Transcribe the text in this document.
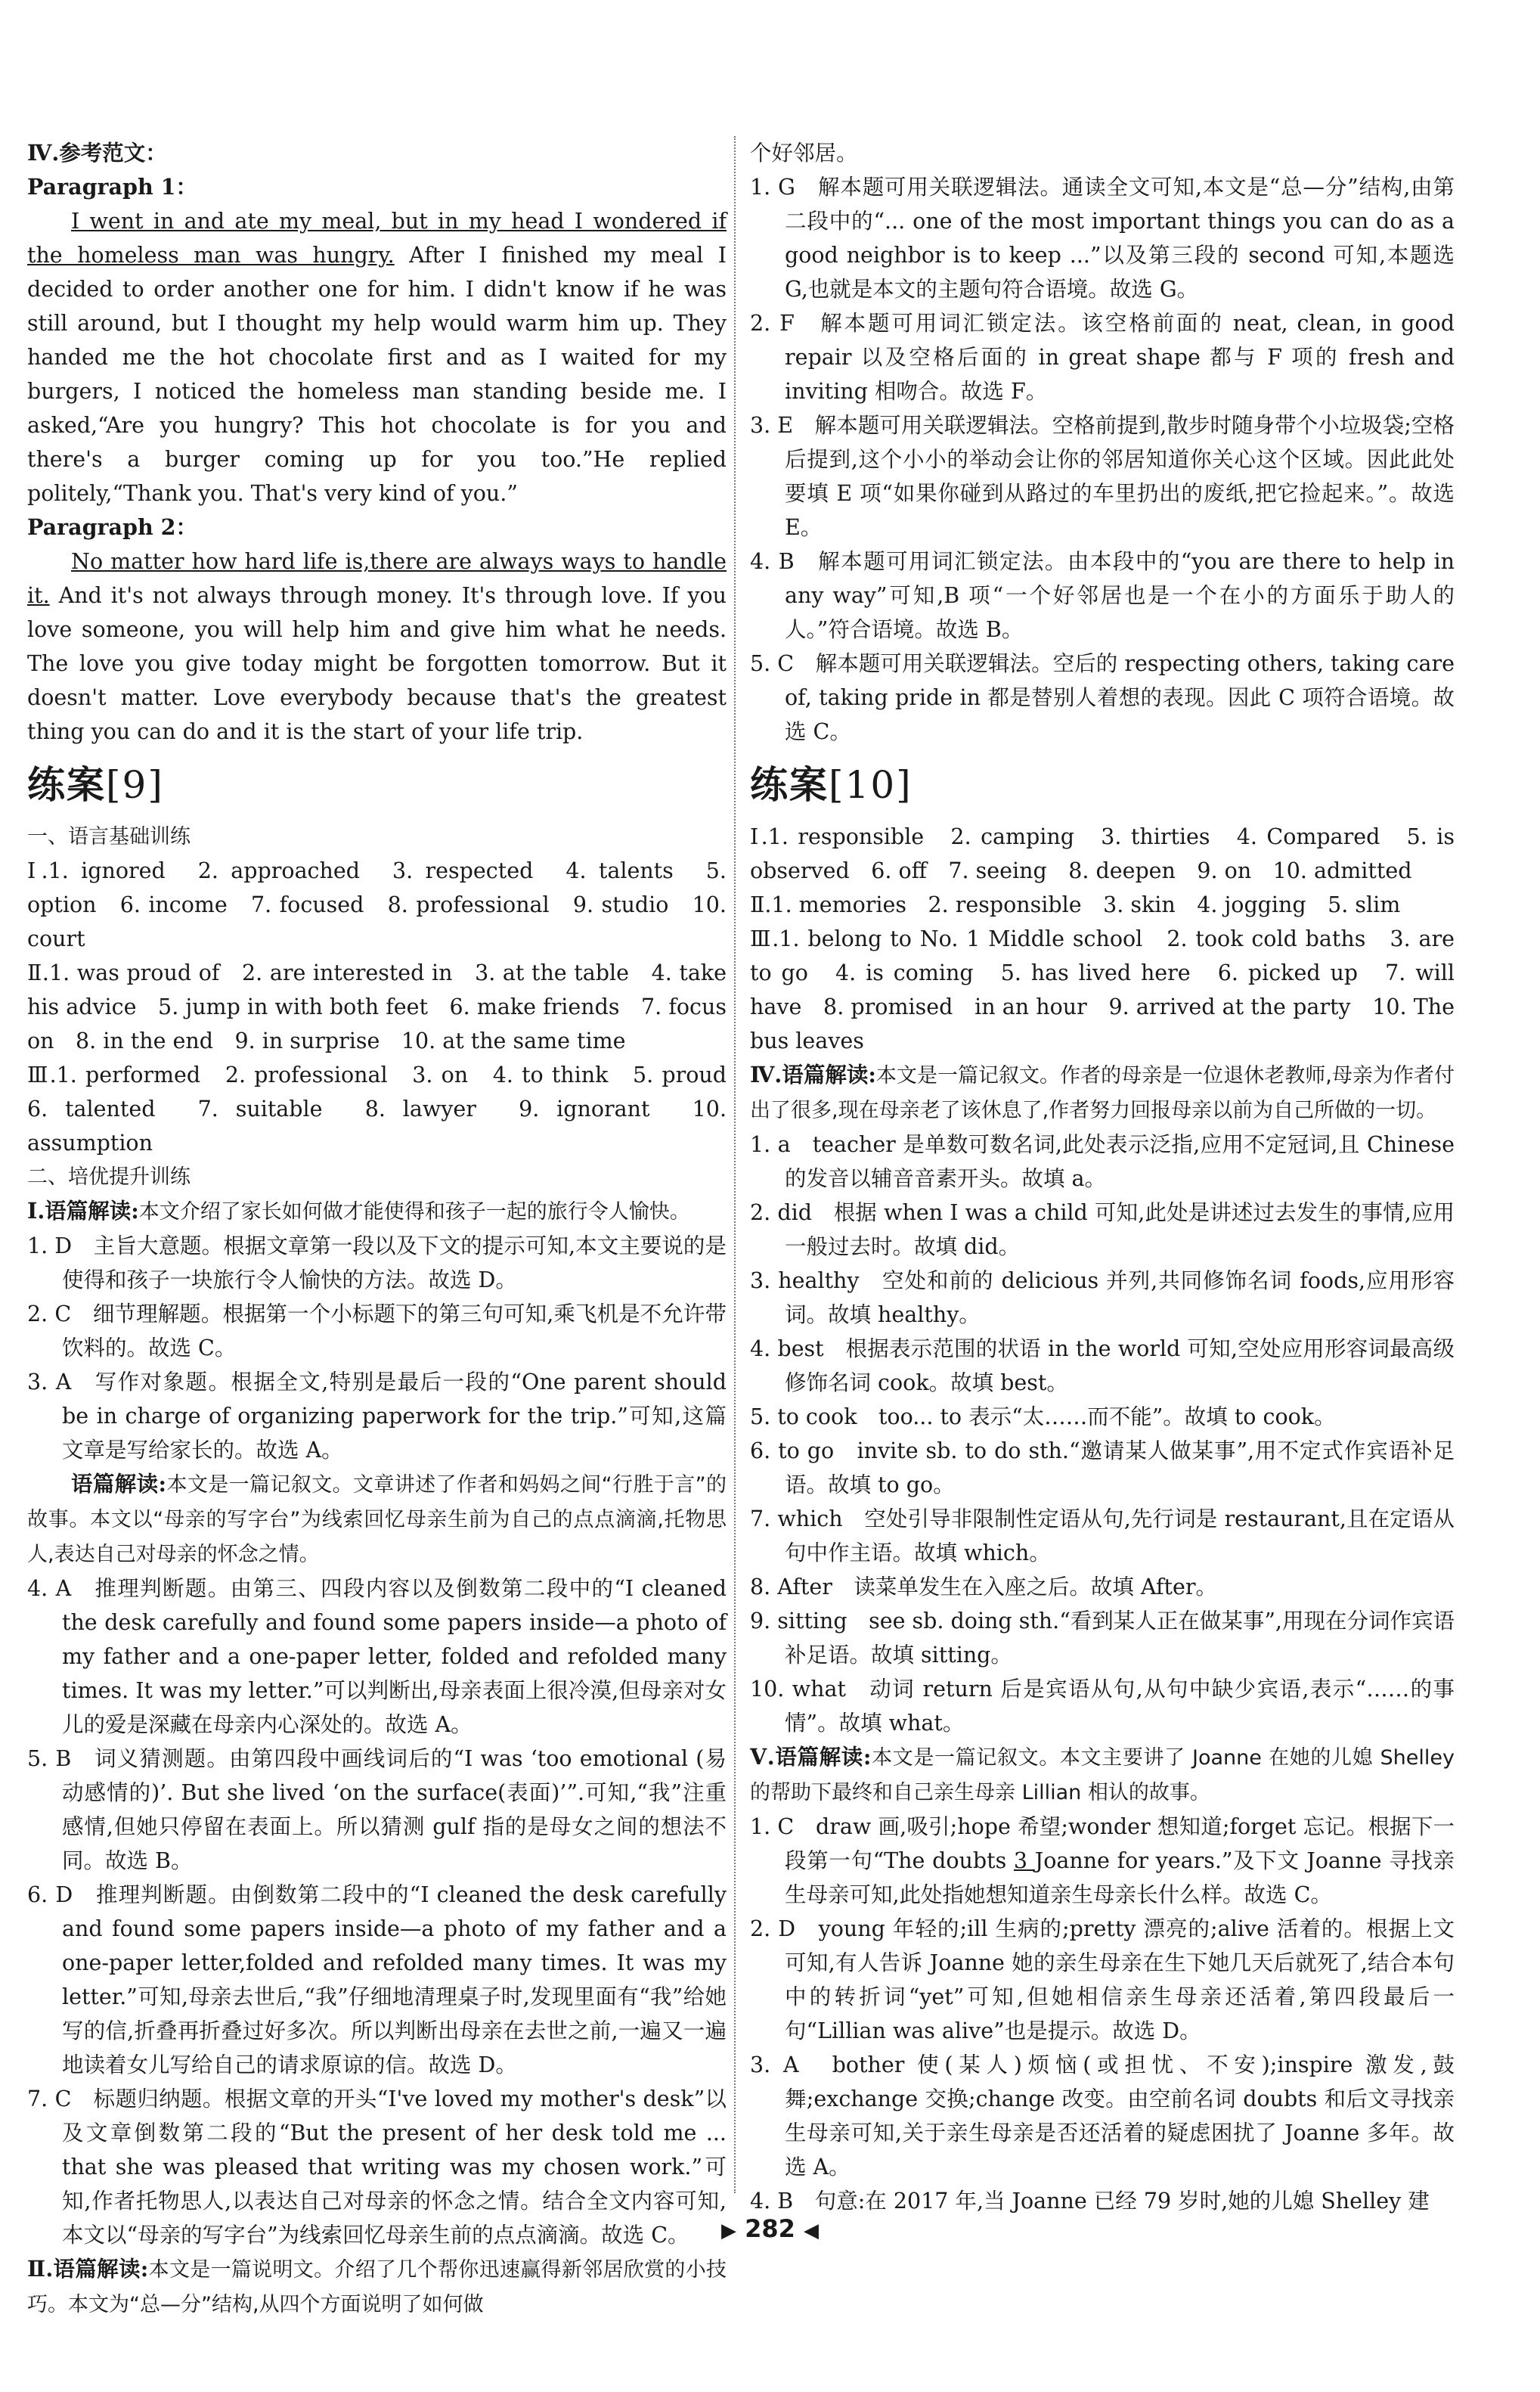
Ⅳ.参考范文：

Paragraph 1：

I went in and ate my meal, but in my head I wondered if the homeless man was hungry. After I finished my meal I decided to order another one for him. I didn't know if he was still around, but I thought my help would warm him up. They handed me the hot chocolate first and as I waited for my burgers, I noticed the homeless man standing beside me. I asked,“Are you hungry? This hot chocolate is for you and there's a burger coming up for you too.”He replied politely,“Thank you. That's very kind of you.”

Paragraph 2：

No matter how hard life is,there are always ways to handle it. And it's not always through money. It's through love. If you love someone, you will help him and give him what he needs. The love you give today might be forgotten tomorrow. But it doesn't matter. Love everybody because that's the greatest thing you can do and it is the start of your life trip.

练案[9]

一、语言基础训练

Ⅰ.1. ignored　2. approached　3. respected　4. talents　5. option　6. income　7. focused　8. professional　9. studio　10. court

Ⅱ.1. was proud of　2. are interested in　3. at the table　4. take his advice　5. jump in with both feet　6. make friends　7. focus on　8. in the end　9. in surprise　10. at the same time

Ⅲ.1. performed　2. professional　3. on　4. to think　5. proud　6. talented　7. suitable　8. lawyer　9. ignorant　10. assumption

二、培优提升训练

Ⅰ.语篇解读:本文介绍了家长如何做才能使得和孩子一起的旅行令人愉快。

1. D　主旨大意题。根据文章第一段以及下文的提示可知,本文主要说的是使得和孩子一块旅行令人愉快的方法。故选 D。

2. C　细节理解题。根据第一个小标题下的第三句可知,乘飞机是不允许带饮料的。故选 C。

3. A　写作对象题。根据全文,特别是最后一段的“One parent should be in charge of organizing paperwork for the trip.”可知,这篇文章是写给家长的。故选 A。

语篇解读:本文是一篇记叙文。文章讲述了作者和妈妈之间“行胜于言”的故事。本文以“母亲的写字台”为线索回忆母亲生前为自己的点点滴滴,托物思人,表达自己对母亲的怀念之情。

4. A　推理判断题。由第三、四段内容以及倒数第二段中的“I cleaned the desk carefully and found some papers inside—a photo of my father and a one-paper letter, folded and refolded many times. It was my letter.”可以判断出,母亲表面上很冷漠,但母亲对女儿的爱是深藏在母亲内心深处的。故选 A。

5. B　词义猜测题。由第四段中画线词后的“I was ‘too emotional (易动感情的)’. But she lived ‘on the surface(表面)’”.可知,“我”注重感情,但她只停留在表面上。所以猜测 gulf 指的是母女之间的想法不同。故选 B。

6. D　推理判断题。由倒数第二段中的“I cleaned the desk carefully and found some papers inside—a photo of my father and a one-paper letter,folded and refolded many times. It was my letter.”可知,母亲去世后,“我”仔细地清理桌子时,发现里面有“我”给她写的信,折叠再折叠过好多次。所以判断出母亲在去世之前,一遍又一遍地读着女儿写给自己的请求原谅的信。故选 D。

7. C　标题归纳题。根据文章的开头“I've loved my mother's desk”以及文章倒数第二段的“But the present of her desk told me ... that she was pleased that writing was my chosen work.”可知,作者托物思人,以表达自己对母亲的怀念之情。结合全文内容可知,本文以“母亲的写字台”为线索回忆母亲生前的点点滴滴。故选 C。

Ⅱ.语篇解读:本文是一篇说明文。介绍了几个帮你迅速赢得新邻居欣赏的小技巧。本文为“总—分”结构,从四个方面说明了如何做

个好邻居。

1. G　解本题可用关联逻辑法。通读全文可知,本文是“总—分”结构,由第二段中的“... one of the most important things you can do as a good neighbor is to keep ...”以及第三段的 second 可知,本题选 G,也就是本文的主题句符合语境。故选 G。

2. F　解本题可用词汇锁定法。该空格前面的 neat, clean, in good repair 以及空格后面的 in great shape 都与 F 项的 fresh and inviting 相吻合。故选 F。

3. E　解本题可用关联逻辑法。空格前提到,散步时随身带个小垃圾袋;空格后提到,这个小小的举动会让你的邻居知道你关心这个区域。因此此处要填 E 项“如果你碰到从路过的车里扔出的废纸,把它捡起来。”。故选 E。

4. B　解本题可用词汇锁定法。由本段中的“you are there to help in any way”可知,B 项“一个好邻居也是一个在小的方面乐于助人的人。”符合语境。故选 B。

5. C　解本题可用关联逻辑法。空后的 respecting others, taking care of, taking pride in 都是替别人着想的表现。因此 C 项符合语境。故选 C。

练案[10]

Ⅰ.1. responsible　2. camping　3. thirties　4. Compared　5. is observed　6. off　7. seeing　8. deepen　9. on　10. admitted

Ⅱ.1. memories　2. responsible　3. skin　4. jogging　5. slim

Ⅲ.1. belong to No. 1 Middle school　2. took cold baths　3. are to go　4. is coming　5. has lived here　6. picked up　7. will have　8. promised　in an hour　9. arrived at the party　10. The bus leaves

Ⅳ.语篇解读:本文是一篇记叙文。作者的母亲是一位退休老教师,母亲为作者付出了很多,现在母亲老了该休息了,作者努力回报母亲以前为自己所做的一切。

1. a　teacher 是单数可数名词,此处表示泛指,应用不定冠词,且 Chinese 的发音以辅音音素开头。故填 a。

2. did　根据 when I was a child 可知,此处是讲述过去发生的事情,应用一般过去时。故填 did。

3. healthy　空处和前的 delicious 并列,共同修饰名词 foods,应用形容词。故填 healthy。

4. best　根据表示范围的状语 in the world 可知,空处应用形容词最高级修饰名词 cook。故填 best。

5. to cook　too... to 表示“太……而不能”。故填 to cook。

6. to go　invite sb. to do sth.“邀请某人做某事”,用不定式作宾语补足语。故填 to go。

7. which　空处引导非限制性定语从句,先行词是 restaurant,且在定语从句中作主语。故填 which。

8. After　读菜单发生在入座之后。故填 After。

9. sitting　see sb. doing sth.“看到某人正在做某事”,用现在分词作宾语补足语。故填 sitting。

10. what　动词 return 后是宾语从句,从句中缺少宾语,表示“……的事情”。故填 what。

Ⅴ.语篇解读:本文是一篇记叙文。本文主要讲了 Joanne 在她的儿媳 Shelley 的帮助下最终和自己亲生母亲 Lillian 相认的故事。

1. C　draw 画,吸引;hope 希望;wonder 想知道;forget 忘记。根据下一段第一句“The doubts 3 Joanne for years.”及下文 Joanne 寻找亲生母亲可知,此处指她想知道亲生母亲长什么样。故选 C。

2. D　young 年轻的;ill 生病的;pretty 漂亮的;alive 活着的。根据上文可知,有人告诉 Joanne 她的亲生母亲在生下她几天后就死了,结合本句中的转折词“yet”可知,但她相信亲生母亲还活着,第四段最后一句“Lillian was alive”也是提示。故选 D。

3. A　bother 使(某人)烦恼(或担忧、不安);inspire 激发,鼓舞;exchange 交换;change 改变。由空前名词 doubts 和后文寻找亲生母亲可知,关于亲生母亲是否还活着的疑虑困扰了 Joanne 多年。故选 A。

4. B　句意:在 2017 年,当 Joanne 已经 79 岁时,她的儿媳 Shelley 建

▶ 282 ◀
